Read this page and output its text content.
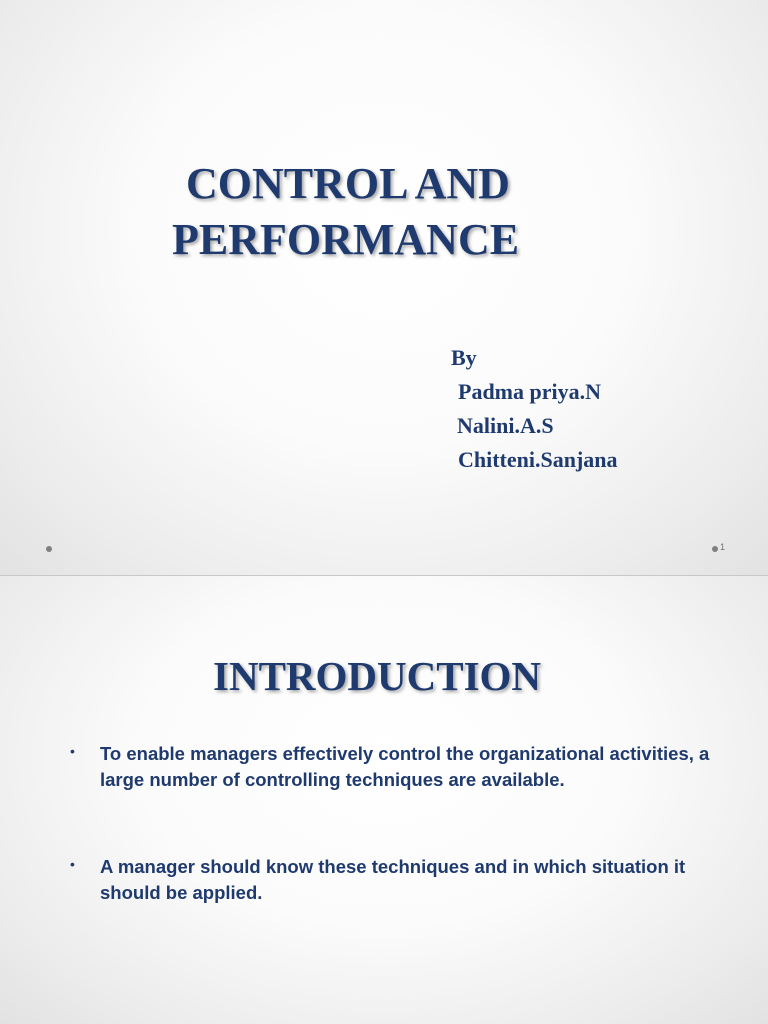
CONTROL AND
PERFORMANCE
By
Padma priya.N
Nalini.A.S
Chitteni.Sanjana
1
INTRODUCTION
• To enable managers effectively control the organizational activities, a large number of controlling techniques are available.

• A manager should know these techniques and in which situation it should be applied.
